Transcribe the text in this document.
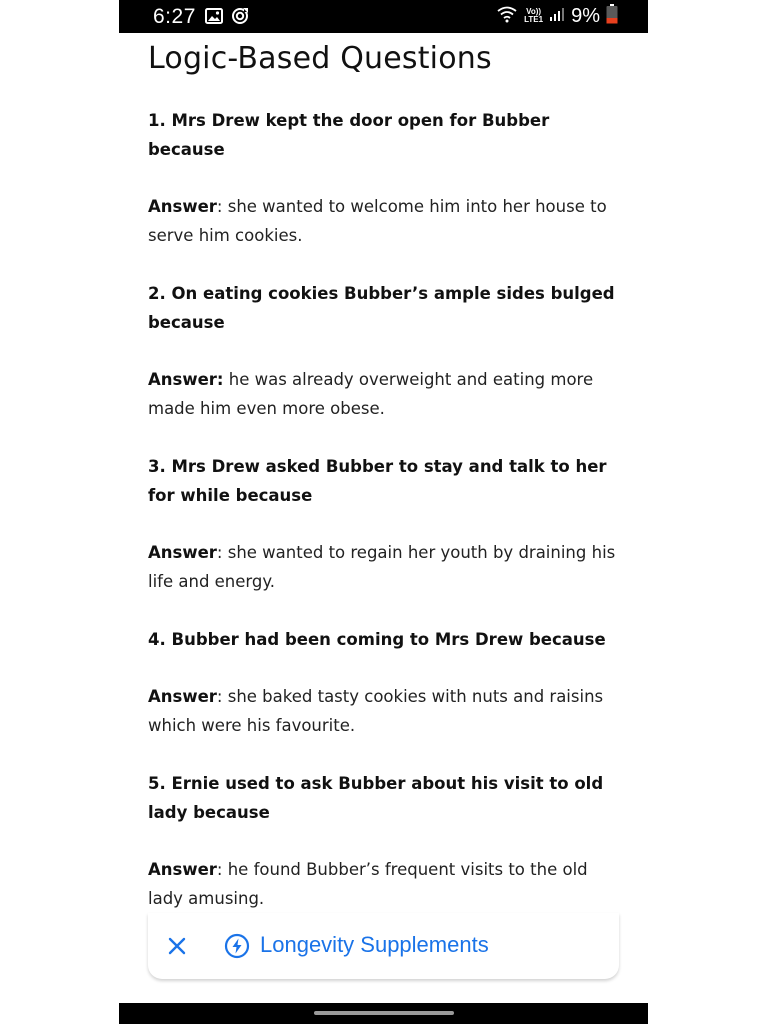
6:27	Vo))
LTE1 9%
Logic-Based Questions

1. Mrs Drew kept the door open for Bubber because

Answer: she wanted to welcome him into her house to serve him cookies.

2. On eating cookies Bubber’s ample sides bulged because

Answer: he was already overweight and eating more made him even more obese.

3. Mrs Drew asked Bubber to stay and talk to her for while because

Answer: she wanted to regain her youth by draining his life and energy.

4. Bubber had been coming to Mrs Drew because

Answer: she baked tasty cookies with nuts and raisins which were his favourite.

5. Ernie used to ask Bubber about his visit to old lady because

Answer: he found Bubber’s frequent visits to the old lady amusing.

Longevity Supplements
